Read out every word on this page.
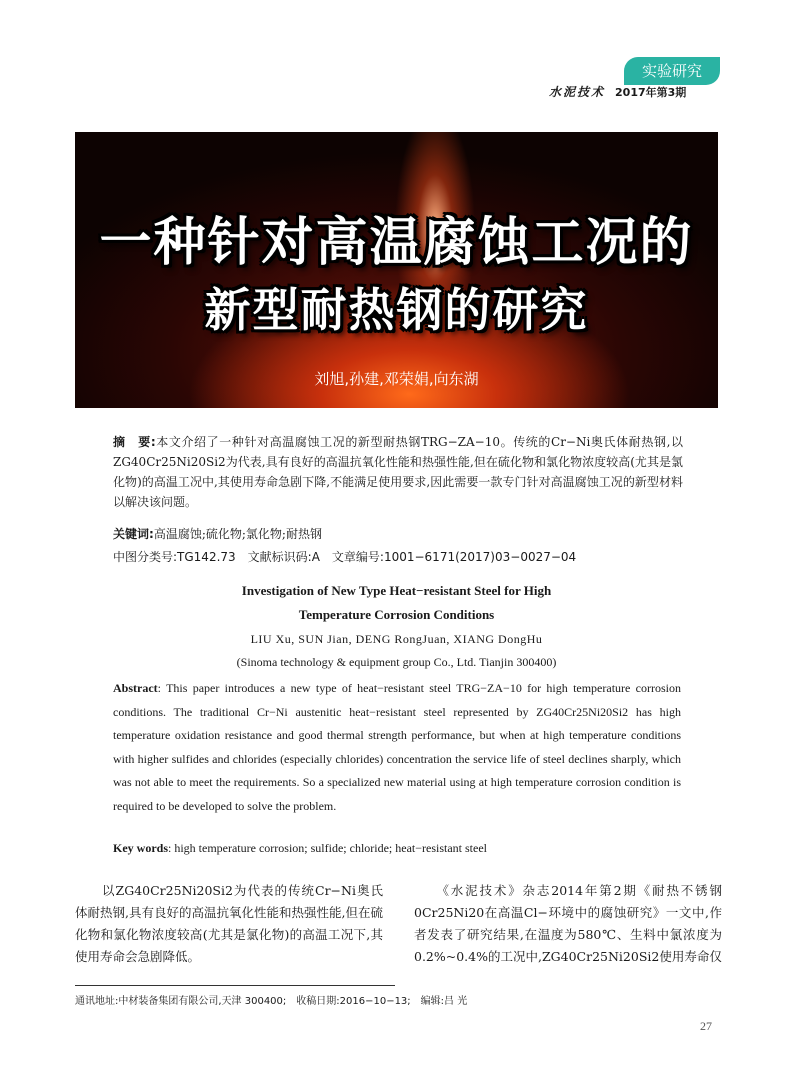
实验研究
水泥技术 2017年第3期
一种针对高温腐蚀工况的
新型耐热钢的研究
刘旭,孙建,邓荣娟,向东湖
摘　要:本文介绍了一种针对高温腐蚀工况的新型耐热钢TRG−ZA−10。传统的Cr−Ni奥氏体耐热钢,以ZG40Cr25Ni20Si2为代表,具有良好的高温抗氧化性能和热强性能,但在硫化物和氯化物浓度较高(尤其是氯化物)的高温工况中,其使用寿命急剧下降,不能满足使用要求,因此需要一款专门针对高温腐蚀工况的新型材料以解决该问题。
关键词:高温腐蚀;硫化物;氯化物;耐热钢
中图分类号:TG142.73　文献标识码:A　文章编号:1001−6171(2017)03−0027−04
Investigation of New Type Heat−resistant Steel for High
Temperature Corrosion Conditions
LIU Xu, SUN Jian, DENG RongJuan, XIANG DongHu
(Sinoma technology & equipment group Co., Ltd. Tianjin 300400)
Abstract: This paper introduces a new type of heat−resistant steel TRG−ZA−10 for high temperature corrosion conditions. The traditional Cr−Ni austenitic heat−resistant steel represented by ZG40Cr25Ni20Si2 has high temperature oxidation resistance and good thermal strength performance, but when at high temperature conditions with higher sulfides and chlorides (especially chlorides) concentration the service life of steel declines sharply, which was not able to meet the requirements. So a specialized new material using at high temperature corrosion condition is required to be developed to solve the problem.
Key words: high temperature corrosion; sulfide; chloride; heat−resistant steel
　　以ZG40Cr25Ni20Si2为代表的传统Cr−Ni奥氏体耐热钢,具有良好的高温抗氧化性能和热强性能,但在硫化物和氯化物浓度较高(尤其是氯化物)的高温工况下,其使用寿命会急剧降低。
　　《水泥技术》杂志2014年第2期《耐热不锈钢0Cr25Ni20在高温Cl−环境中的腐蚀研究》一文中,作者发表了研究结果,在温度为580℃、生料中氯浓度为0.2%~0.4%的工况中,ZG40Cr25Ni20Si2使用寿命仅
通讯地址:中材装备集团有限公司,天津 300400;　收稿日期:2016−10−13;　编辑:吕 光
27
